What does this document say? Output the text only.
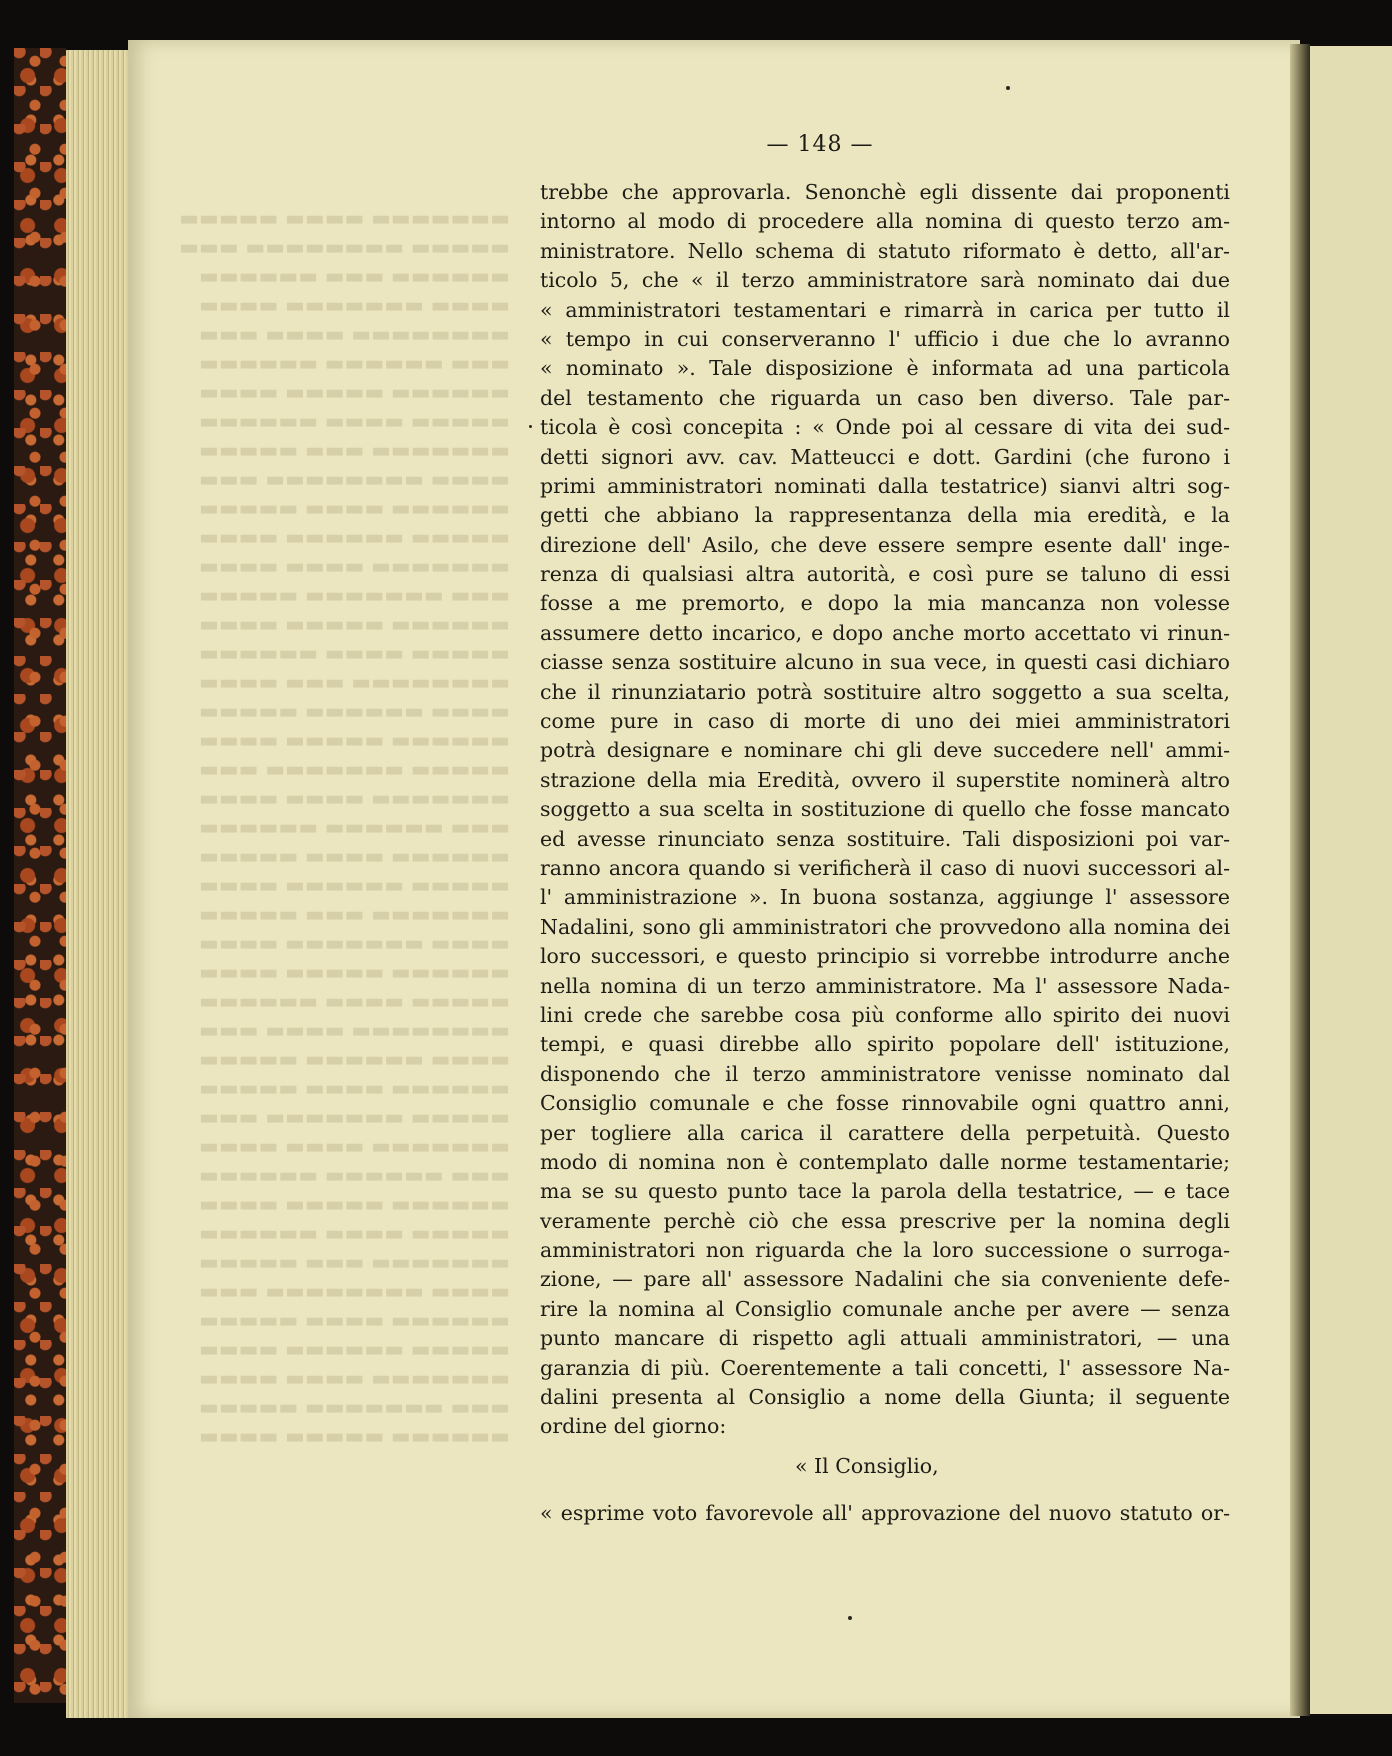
▬▬▬▬▬▬▬ ▬▬▬▬ ▬▬▬▬▬
▬▬▬▬▬ ▬▬▬▬▬▬▬▬ ▬▬▬
▬▬▬▬▬▬ ▬▬▬ ▬▬▬▬▬▬
▬▬▬▬ ▬▬▬▬▬▬▬ ▬▬▬▬
▬▬▬▬▬▬▬▬ ▬▬▬▬ ▬▬▬
▬▬▬ ▬▬▬▬▬▬ ▬▬▬▬▬▬
▬▬▬▬▬▬ ▬▬▬▬▬ ▬▬▬▬
▬▬▬▬▬ ▬▬▬▬ ▬▬▬▬▬▬
▬▬▬▬▬▬▬ ▬▬▬ ▬▬▬▬▬
▬▬▬▬ ▬▬▬▬▬▬▬▬ ▬▬▬
▬▬▬▬▬▬ ▬▬▬▬ ▬▬▬▬▬
▬▬▬▬▬ ▬▬▬▬▬▬ ▬▬▬▬
▬▬▬▬▬▬▬ ▬▬▬▬ ▬▬▬▬
▬▬▬ ▬▬▬▬▬▬▬ ▬▬▬▬▬
▬▬▬▬▬▬ ▬▬▬▬▬ ▬▬▬▬
▬▬▬▬▬ ▬▬▬▬ ▬▬▬▬▬▬
▬▬▬▬▬▬▬▬ ▬▬▬ ▬▬▬▬
▬▬▬▬ ▬▬▬▬▬▬ ▬▬▬▬▬
▬▬▬▬▬▬ ▬▬▬▬▬ ▬▬▬▬
▬▬▬▬▬ ▬▬▬▬▬▬▬ ▬▬▬
▬▬▬▬▬▬▬ ▬▬▬▬ ▬▬▬▬
▬▬▬ ▬▬▬▬▬▬ ▬▬▬▬▬▬
▬▬▬▬▬▬ ▬▬▬▬ ▬▬▬▬▬
▬▬▬▬▬ ▬▬▬▬▬▬ ▬▬▬▬
▬▬▬▬▬▬▬ ▬▬▬ ▬▬▬▬▬
▬▬▬▬ ▬▬▬▬▬▬▬ ▬▬▬▬
▬▬▬▬▬▬ ▬▬▬▬▬ ▬▬▬▬
▬▬▬▬▬ ▬▬▬▬ ▬▬▬▬▬▬
▬▬▬▬▬▬▬▬ ▬▬▬▬ ▬▬▬
▬▬▬▬ ▬▬▬▬▬▬ ▬▬▬▬▬
▬▬▬▬▬▬ ▬▬▬▬ ▬▬▬▬▬
▬▬▬▬▬ ▬▬▬▬▬▬▬ ▬▬▬
▬▬▬▬▬▬▬ ▬▬▬▬ ▬▬▬▬
▬▬▬ ▬▬▬▬▬▬ ▬▬▬▬▬▬
▬▬▬▬▬▬ ▬▬▬▬▬ ▬▬▬▬
▬▬▬▬▬ ▬▬▬▬ ▬▬▬▬▬▬
▬▬▬▬▬▬▬ ▬▬▬ ▬▬▬▬▬
▬▬▬▬ ▬▬▬▬▬▬▬▬ ▬▬▬
▬▬▬▬▬▬ ▬▬▬▬ ▬▬▬▬▬
▬▬▬▬▬ ▬▬▬▬▬▬ ▬▬▬▬
▬▬▬▬▬▬▬ ▬▬▬▬ ▬▬▬▬
▬▬▬ ▬▬▬▬▬▬▬ ▬▬▬▬▬
▬▬▬▬▬▬ ▬▬▬▬▬ ▬▬▬▬

— 148 —
trebbe che approvarla. Senonchè egli dissente dai proponenti
intorno al modo di procedere alla nomina di questo terzo am-
ministratore. Nello schema di statuto riformato è detto, all'ar-
ticolo 5, che « il terzo amministratore sarà nominato dai due
« amministratori testamentari e rimarrà in carica per tutto il
« tempo in cui conserveranno l' ufficio i due che lo avranno
« nominato ». Tale disposizione è informata ad una particola
del testamento che riguarda un caso ben diverso. Tale par-
ticola è così concepita : « Onde poi al cessare di vita dei sud-
detti signori avv. cav. Matteucci e dott. Gardini (che furono i
primi amministratori nominati dalla testatrice) sianvi altri sog-
getti che abbiano la rappresentanza della mia eredità, e la
direzione dell' Asilo, che deve essere sempre esente dall' inge-
renza di qualsiasi altra autorità, e così pure se taluno di essi
fosse a me premorto, e dopo la mia mancanza non volesse
assumere detto incarico, e dopo anche morto accettato vi rinun-
ciasse senza sostituire alcuno in sua vece, in questi casi dichiaro
che il rinunziatario potrà sostituire altro soggetto a sua scelta,
come pure in caso di morte di uno dei miei amministratori
potrà designare e nominare chi gli deve succedere nell' ammi-
strazione della mia Eredità, ovvero il superstite nominerà altro
soggetto a sua scelta in sostituzione di quello che fosse mancato
ed avesse rinunciato senza sostituire. Tali disposizioni poi var-
ranno ancora quando si verificherà il caso di nuovi successori al-
l' amministrazione ». In buona sostanza, aggiunge l' assessore
Nadalini, sono gli amministratori che provvedono alla nomina dei
loro successori, e questo principio si vorrebbe introdurre anche
nella nomina di un terzo amministratore. Ma l' assessore Nada-
lini crede che sarebbe cosa più conforme allo spirito dei nuovi
tempi, e quasi direbbe allo spirito popolare dell' istituzione,
disponendo che il terzo amministratore venisse nominato dal
Consiglio comunale e che fosse rinnovabile ogni quattro anni,
per togliere alla carica il carattere della perpetuità. Questo
modo di nomina non è contemplato dalle norme testamentarie;
ma se su questo punto tace la parola della testatrice, — e tace
veramente perchè ciò che essa prescrive per la nomina degli
amministratori non riguarda che la loro successione o surroga-
zione, — pare all' assessore Nadalini che sia conveniente defe-
rire la nomina al Consiglio comunale anche per avere — senza
punto mancare di rispetto agli attuali amministratori, — una
garanzia di più. Coerentemente a tali concetti, l' assessore Na-
dalini presenta al Consiglio a nome della Giunta; il seguente
ordine del giorno:
« Il Consiglio,
« esprime voto favorevole all' approvazione del nuovo statuto or-
